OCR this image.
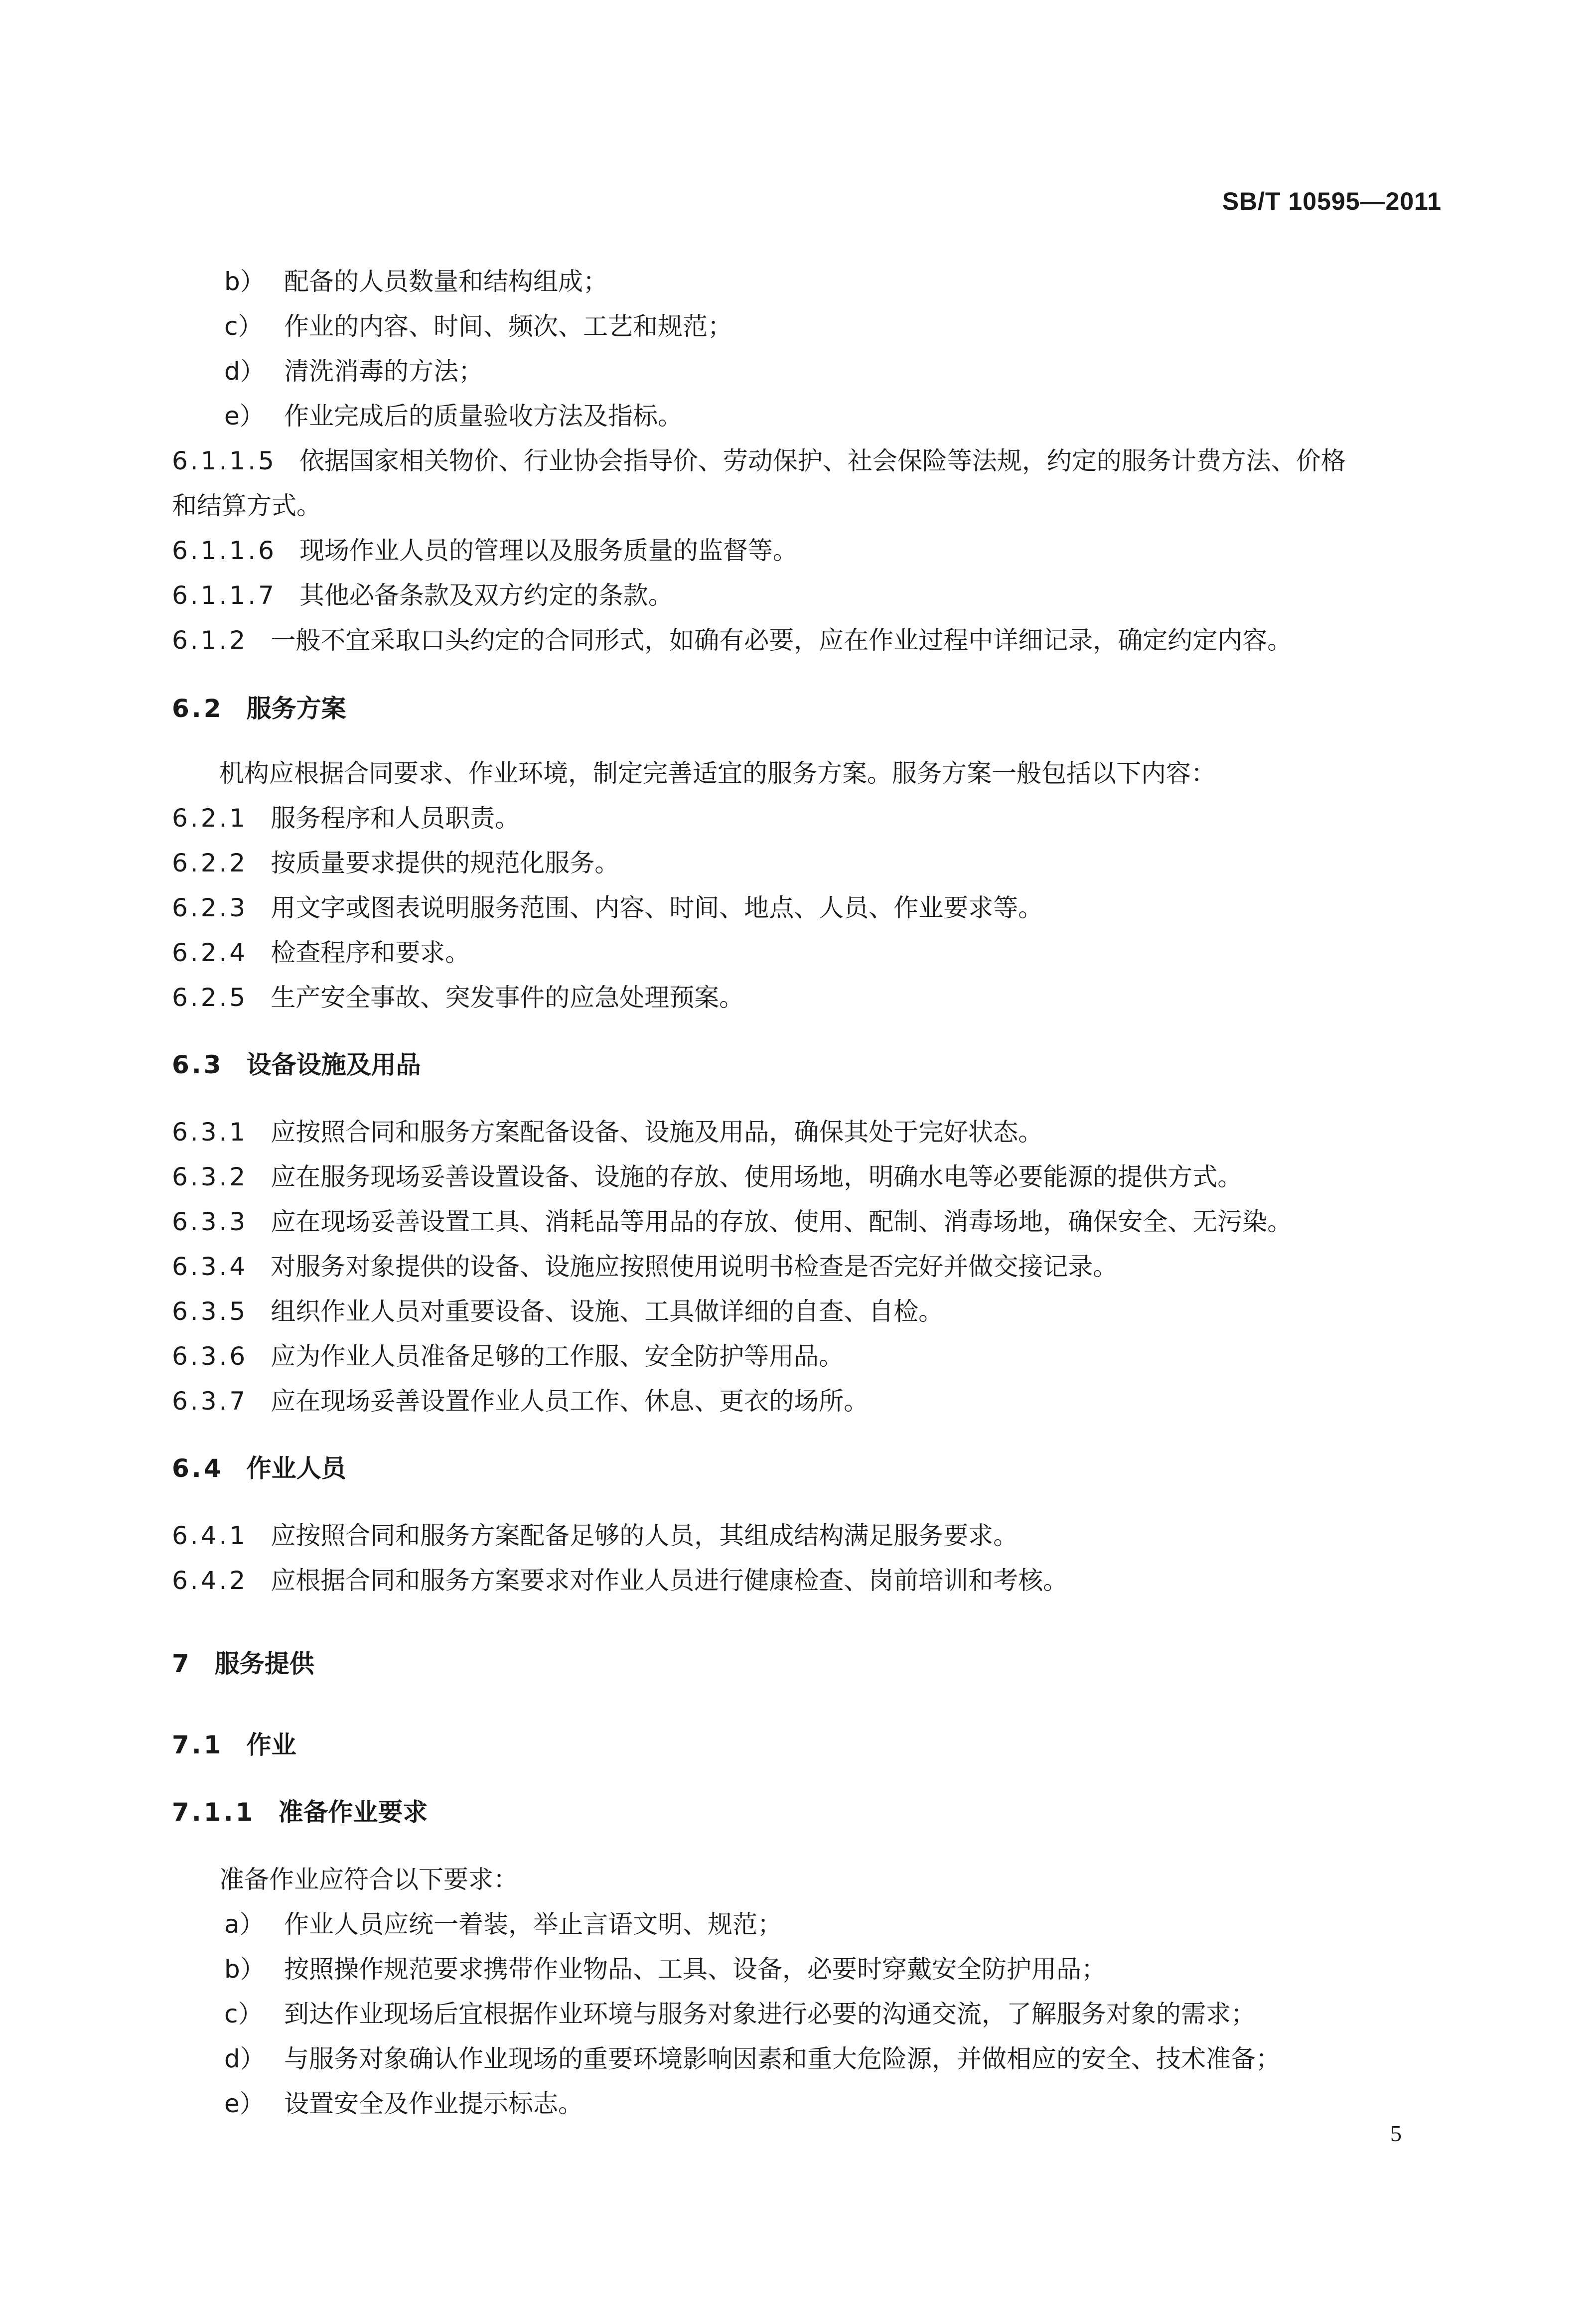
SB/T 10595—2011
b） 配备的人员数量和结构组成；
c） 作业的内容、时间、频次、工艺和规范；
d） 清洗消毒的方法；
e） 作业完成后的质量验收方法及指标。
6.1.1.5 依据国家相关物价、行业协会指导价、劳动保护、社会保险等法规，约定的服务计费方法、价格
和结算方式。
6.1.1.6 现场作业人员的管理以及服务质量的监督等。
6.1.1.7 其他必备条款及双方约定的条款。
6.1.2 一般不宜采取口头约定的合同形式，如确有必要，应在作业过程中详细记录，确定约定内容。
6.2 服务方案
机构应根据合同要求、作业环境，制定完善适宜的服务方案。服务方案一般包括以下内容：
6.2.1 服务程序和人员职责。
6.2.2 按质量要求提供的规范化服务。
6.2.3 用文字或图表说明服务范围、内容、时间、地点、人员、作业要求等。
6.2.4 检查程序和要求。
6.2.5 生产安全事故、突发事件的应急处理预案。
6.3 设备设施及用品
6.3.1 应按照合同和服务方案配备设备、设施及用品，确保其处于完好状态。
6.3.2 应在服务现场妥善设置设备、设施的存放、使用场地，明确水电等必要能源的提供方式。
6.3.3 应在现场妥善设置工具、消耗品等用品的存放、使用、配制、消毒场地，确保安全、无污染。
6.3.4 对服务对象提供的设备、设施应按照使用说明书检查是否完好并做交接记录。
6.3.5 组织作业人员对重要设备、设施、工具做详细的自查、自检。
6.3.6 应为作业人员准备足够的工作服、安全防护等用品。
6.3.7 应在现场妥善设置作业人员工作、休息、更衣的场所。
6.4 作业人员
6.4.1 应按照合同和服务方案配备足够的人员，其组成结构满足服务要求。
6.4.2 应根据合同和服务方案要求对作业人员进行健康检查、岗前培训和考核。
7 服务提供
7.1 作业
7.1.1 准备作业要求
准备作业应符合以下要求：
a） 作业人员应统一着装，举止言语文明、规范；
b） 按照操作规范要求携带作业物品、工具、设备，必要时穿戴安全防护用品；
c） 到达作业现场后宜根据作业环境与服务对象进行必要的沟通交流，了解服务对象的需求；
d） 与服务对象确认作业现场的重要环境影响因素和重大危险源，并做相应的安全、技术准备；
e） 设置安全及作业提示标志。
5
